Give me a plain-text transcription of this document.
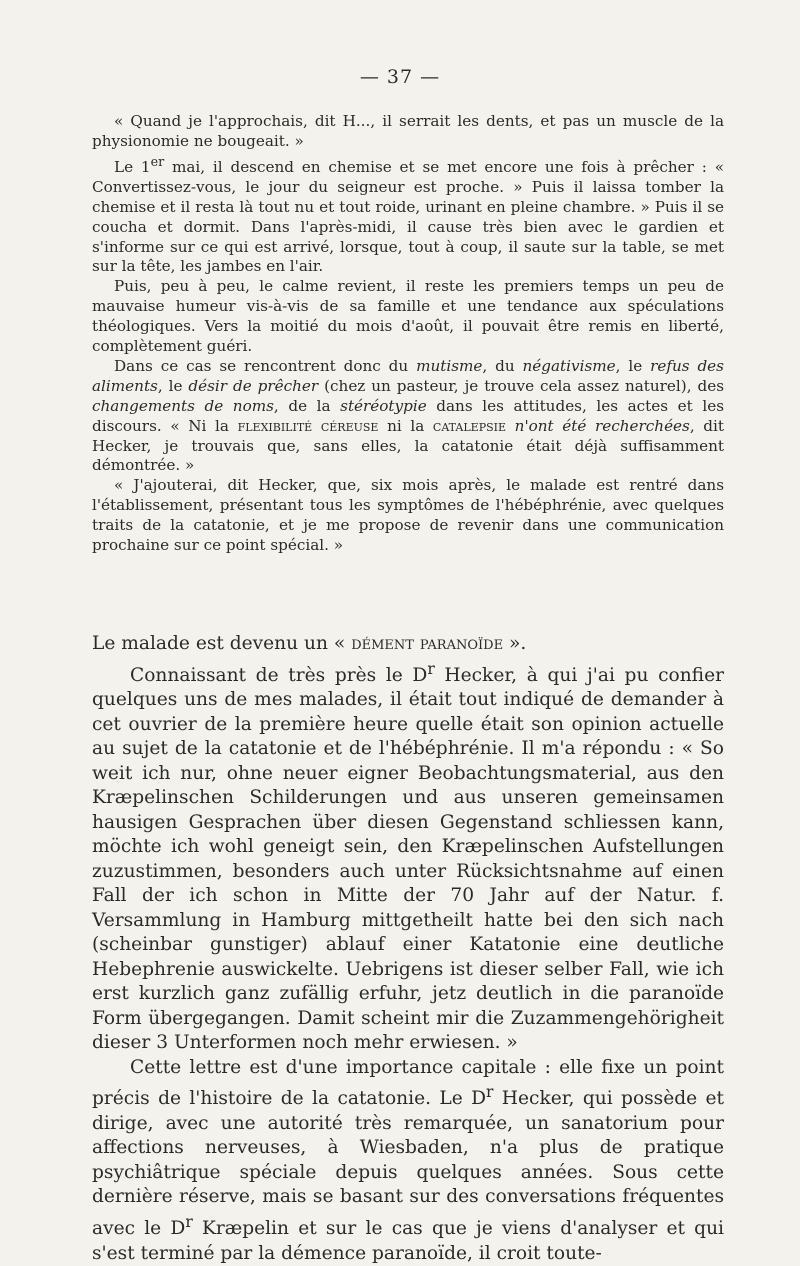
— 37 —

« Quand je l'approchais, dit H..., il serrait les dents, et pas un muscle de la physionomie ne bougeait. »

Le 1er mai, il descend en chemise et se met encore une fois à prêcher : « Convertissez-vous, le jour du seigneur est proche. » Puis il laissa tomber la chemise et il resta là tout nu et tout roide, urinant en pleine chambre. » Puis il se coucha et dormit. Dans l'après-midi, il cause très bien avec le gardien et s'informe sur ce qui est arrivé, lorsque, tout à coup, il saute sur la table, se met sur la tête, les jambes en l'air.

Puis, peu à peu, le calme revient, il reste les premiers temps un peu de mauvaise humeur vis-à-vis de sa famille et une tendance aux spéculations théologiques. Vers la moitié du mois d'août, il pouvait être remis en liberté, complètement guéri.

Dans ce cas se rencontrent donc du mutisme, du négativisme, le refus des aliments, le désir de prêcher (chez un pasteur, je trouve cela assez naturel), des changements de noms, de la stéréotypie dans les attitudes, les actes et les discours. « Ni la flexibilité céreuse ni la catalepsie n'ont été recherchées, dit Hecker, je trouvais que, sans elles, la catatonie était déjà suffisamment démontrée. »

« J'ajouterai, dit Hecker, que, six mois après, le malade est rentré dans l'établissement, présentant tous les symptômes de l'hébéphrénie, avec quelques traits de la catatonie, et je me propose de revenir dans une communication prochaine sur ce point spécial. »

Le malade est devenu un « dément paranoïde ».

Connaissant de très près le $D^r$ Hecker, à qui j'ai pu confier quelques uns de mes malades, il était tout indiqué de demander à cet ouvrier de la première heure quelle était son opinion actuelle au sujet de la catatonie et de l'hébéphrénie. Il m'a répondu : « So weit ich nur, ohne neuer eigner Beobachtungsmaterial, aus den Kræpelinschen Schilderungen und aus unseren gemeinsamen hausigen Gesprachen über diesen Gegenstand schliessen kann, möchte ich wohl geneigt sein, den Kræpelinschen Aufstellungen zuzustimmen, besonders auch unter Rücksichtsnahme auf einen Fall der ich schon in Mitte der 70 Jahr auf der Natur. f. Versammlung in Hamburg mittgetheilt hatte bei den sich nach (scheinbar gunstiger) ablauf einer Katatonie eine deutliche Hebephrenie auswickelte. Uebrigens ist dieser selber Fall, wie ich erst kurzlich ganz zufällig erfuhr, jetz deutlich in die paranoïde Form übergegangen. Damit scheint mir die Zuzammengehörigheit dieser 3 Unterformen noch mehr erwiesen. »

Cette lettre est d'une importance capitale : elle fixe un point précis de l'histoire de la catatonie. Le $D^r$ Hecker, qui possède et dirige, avec une autorité très remarquée, un sanatorium pour affections nerveuses, à Wiesbaden, n'a plus de pratique psychiâtrique spéciale depuis quelques années. Sous cette dernière réserve, mais se basant sur des conversations fréquentes avec le $D^r$ Kræpelin et sur le cas que je viens d'analyser et qui s'est terminé par la démence paranoïde, il croit toute-
